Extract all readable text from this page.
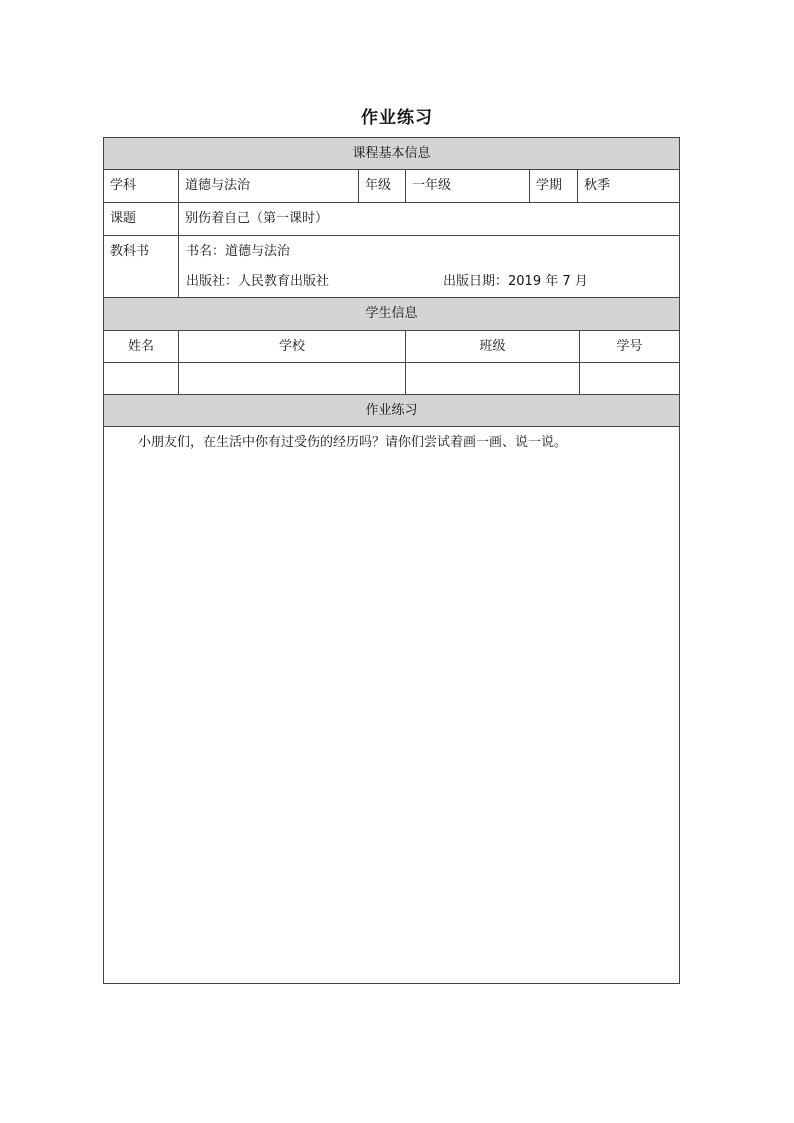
作业练习
课程基本信息
学科	道德与法治	年级	一年级	学期	秋季
课题	别伤着自己（第一课时）
教科书	书名：道德与法治
出版社：人民教育出版社	出版日期：2019 年 7 月
学生信息
姓名	学校	班级	学号
作业练习
小朋友们，在生活中你有过受伤的经历吗？请你们尝试着画一画、说一说。
